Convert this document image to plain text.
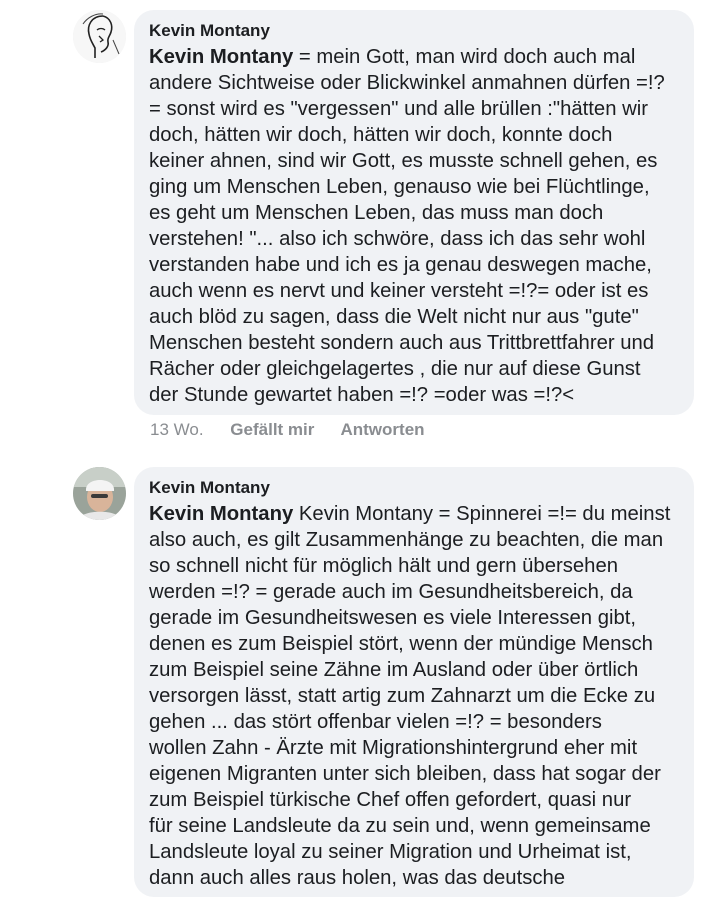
Kevin Montany
Kevin Montany = mein Gott, man wird doch auch mal
andere Sichtweise oder Blickwinkel anmahnen dürfen =!?
= sonst wird es "vergessen" und alle brüllen :"hätten wir
doch, hätten wir doch, hätten wir doch, konnte doch
keiner ahnen, sind wir Gott, es musste schnell gehen, es
ging um Menschen Leben, genauso wie bei Flüchtlinge,
es geht um Menschen Leben, das muss man doch
verstehen! "... also ich schwöre, dass ich das sehr wohl
verstanden habe und ich es ja genau deswegen mache,
auch wenn es nervt und keiner versteht =!?= oder ist es
auch blöd zu sagen, dass die Welt nicht nur aus "gute"
Menschen besteht sondern auch aus Trittbrettfahrer und
Rächer oder gleichgelagertes , die nur auf diese Gunst
der Stunde gewartet haben =!? =oder was =!?<
13 Wo. Gefällt mir Antworten
Kevin Montany
Kevin Montany Kevin Montany = Spinnerei =!= du meinst
also auch, es gilt Zusammenhänge zu beachten, die man
so schnell nicht für möglich hält und gern übersehen
werden =!? = gerade auch im Gesundheitsbereich, da
gerade im Gesundheitswesen es viele Interessen gibt,
denen es zum Beispiel stört, wenn der mündige Mensch
zum Beispiel seine Zähne im Ausland oder über örtlich
versorgen lässt, statt artig zum Zahnarzt um die Ecke zu
gehen ... das stört offenbar vielen =!? = besonders
wollen Zahn - Ärzte mit Migrationshintergrund eher mit
eigenen Migranten unter sich bleiben, dass hat sogar der
zum Beispiel türkische Chef offen gefordert, quasi nur
für seine Landsleute da zu sein und, wenn gemeinsame
Landsleute loyal zu seiner Migration und Urheimat ist,
dann auch alles raus holen, was das deutsche
